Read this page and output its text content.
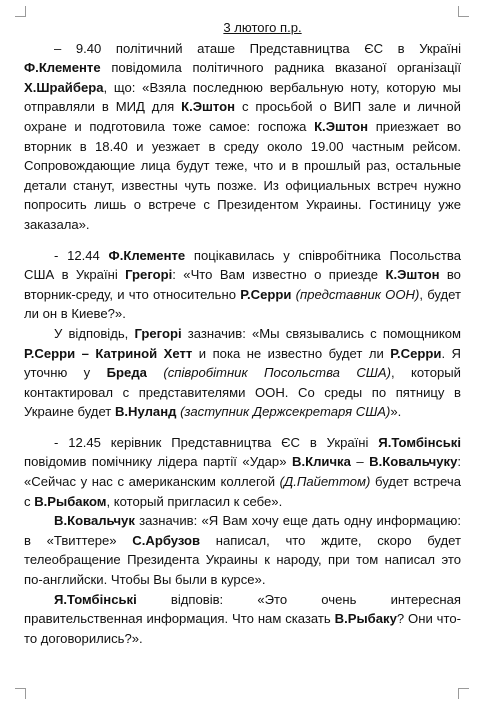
3 лютого п.р.

– 9.40 політичний аташе Представництва ЄС в Україні Ф.Клементе повідомила політичного радника вказаної організації Х.Шрайбера, що: «Взяла последнюю вербальную ноту, которую мы отправляли в МИД для К.Эштон с просьбой о ВИП зале и личной охране и подготовила тоже самое: госпожа К.Эштон приезжает во вторник в 18.40 и уезжает в среду около 19.00 частным рейсом. Сопровождающие лица будут теже, что и в прошлый раз, остальные детали станут, известны чуть позже. Из официальных встреч нужно попросить лишь о встрече с Президентом Украины. Гостиницу уже заказала».

- 12.44 Ф.Клементе поцікавилась у співробітника Посольства США в Україні Грегорі: «Что Вам известно о приезде К.Эштон во вторник-среду, и что относительно Р.Серри (представник ООН), будет ли он в Киеве?».

У відповідь, Грегорі зазначив: «Мы связывались с помощником Р.Серри – Катриной Хетт и пока не известно будет ли Р.Серри. Я уточню у Бреда (співробітник Посольства США), который контактировал с представителями ООН. Со среды по пятницу в Украине будет В.Нуланд (заступник Держсекретаря США)».

- 12.45 керівник Представництва ЄС в Україні Я.Томбінські повідомив помічнику лідера партії «Удар» В.Кличка – В.Ковальчуку: «Сейчас у нас с американским коллегой (Д.Пайеттом) будет встреча с В.Рыбаком, который пригласил к себе».

В.Ковальчук зазначив: «Я Вам хочу еще дать одну информацию: в «Твиттере» С.Арбузов написал, что ждите, скоро будет телеобращение Президента Украины к народу, при том написал это по-английски. Чтобы Вы были в курсе».

Я.Томбінські відповів: «Это очень интересная правительственная информация. Что нам сказать В.Рыбаку? Они что-то договорились?».
